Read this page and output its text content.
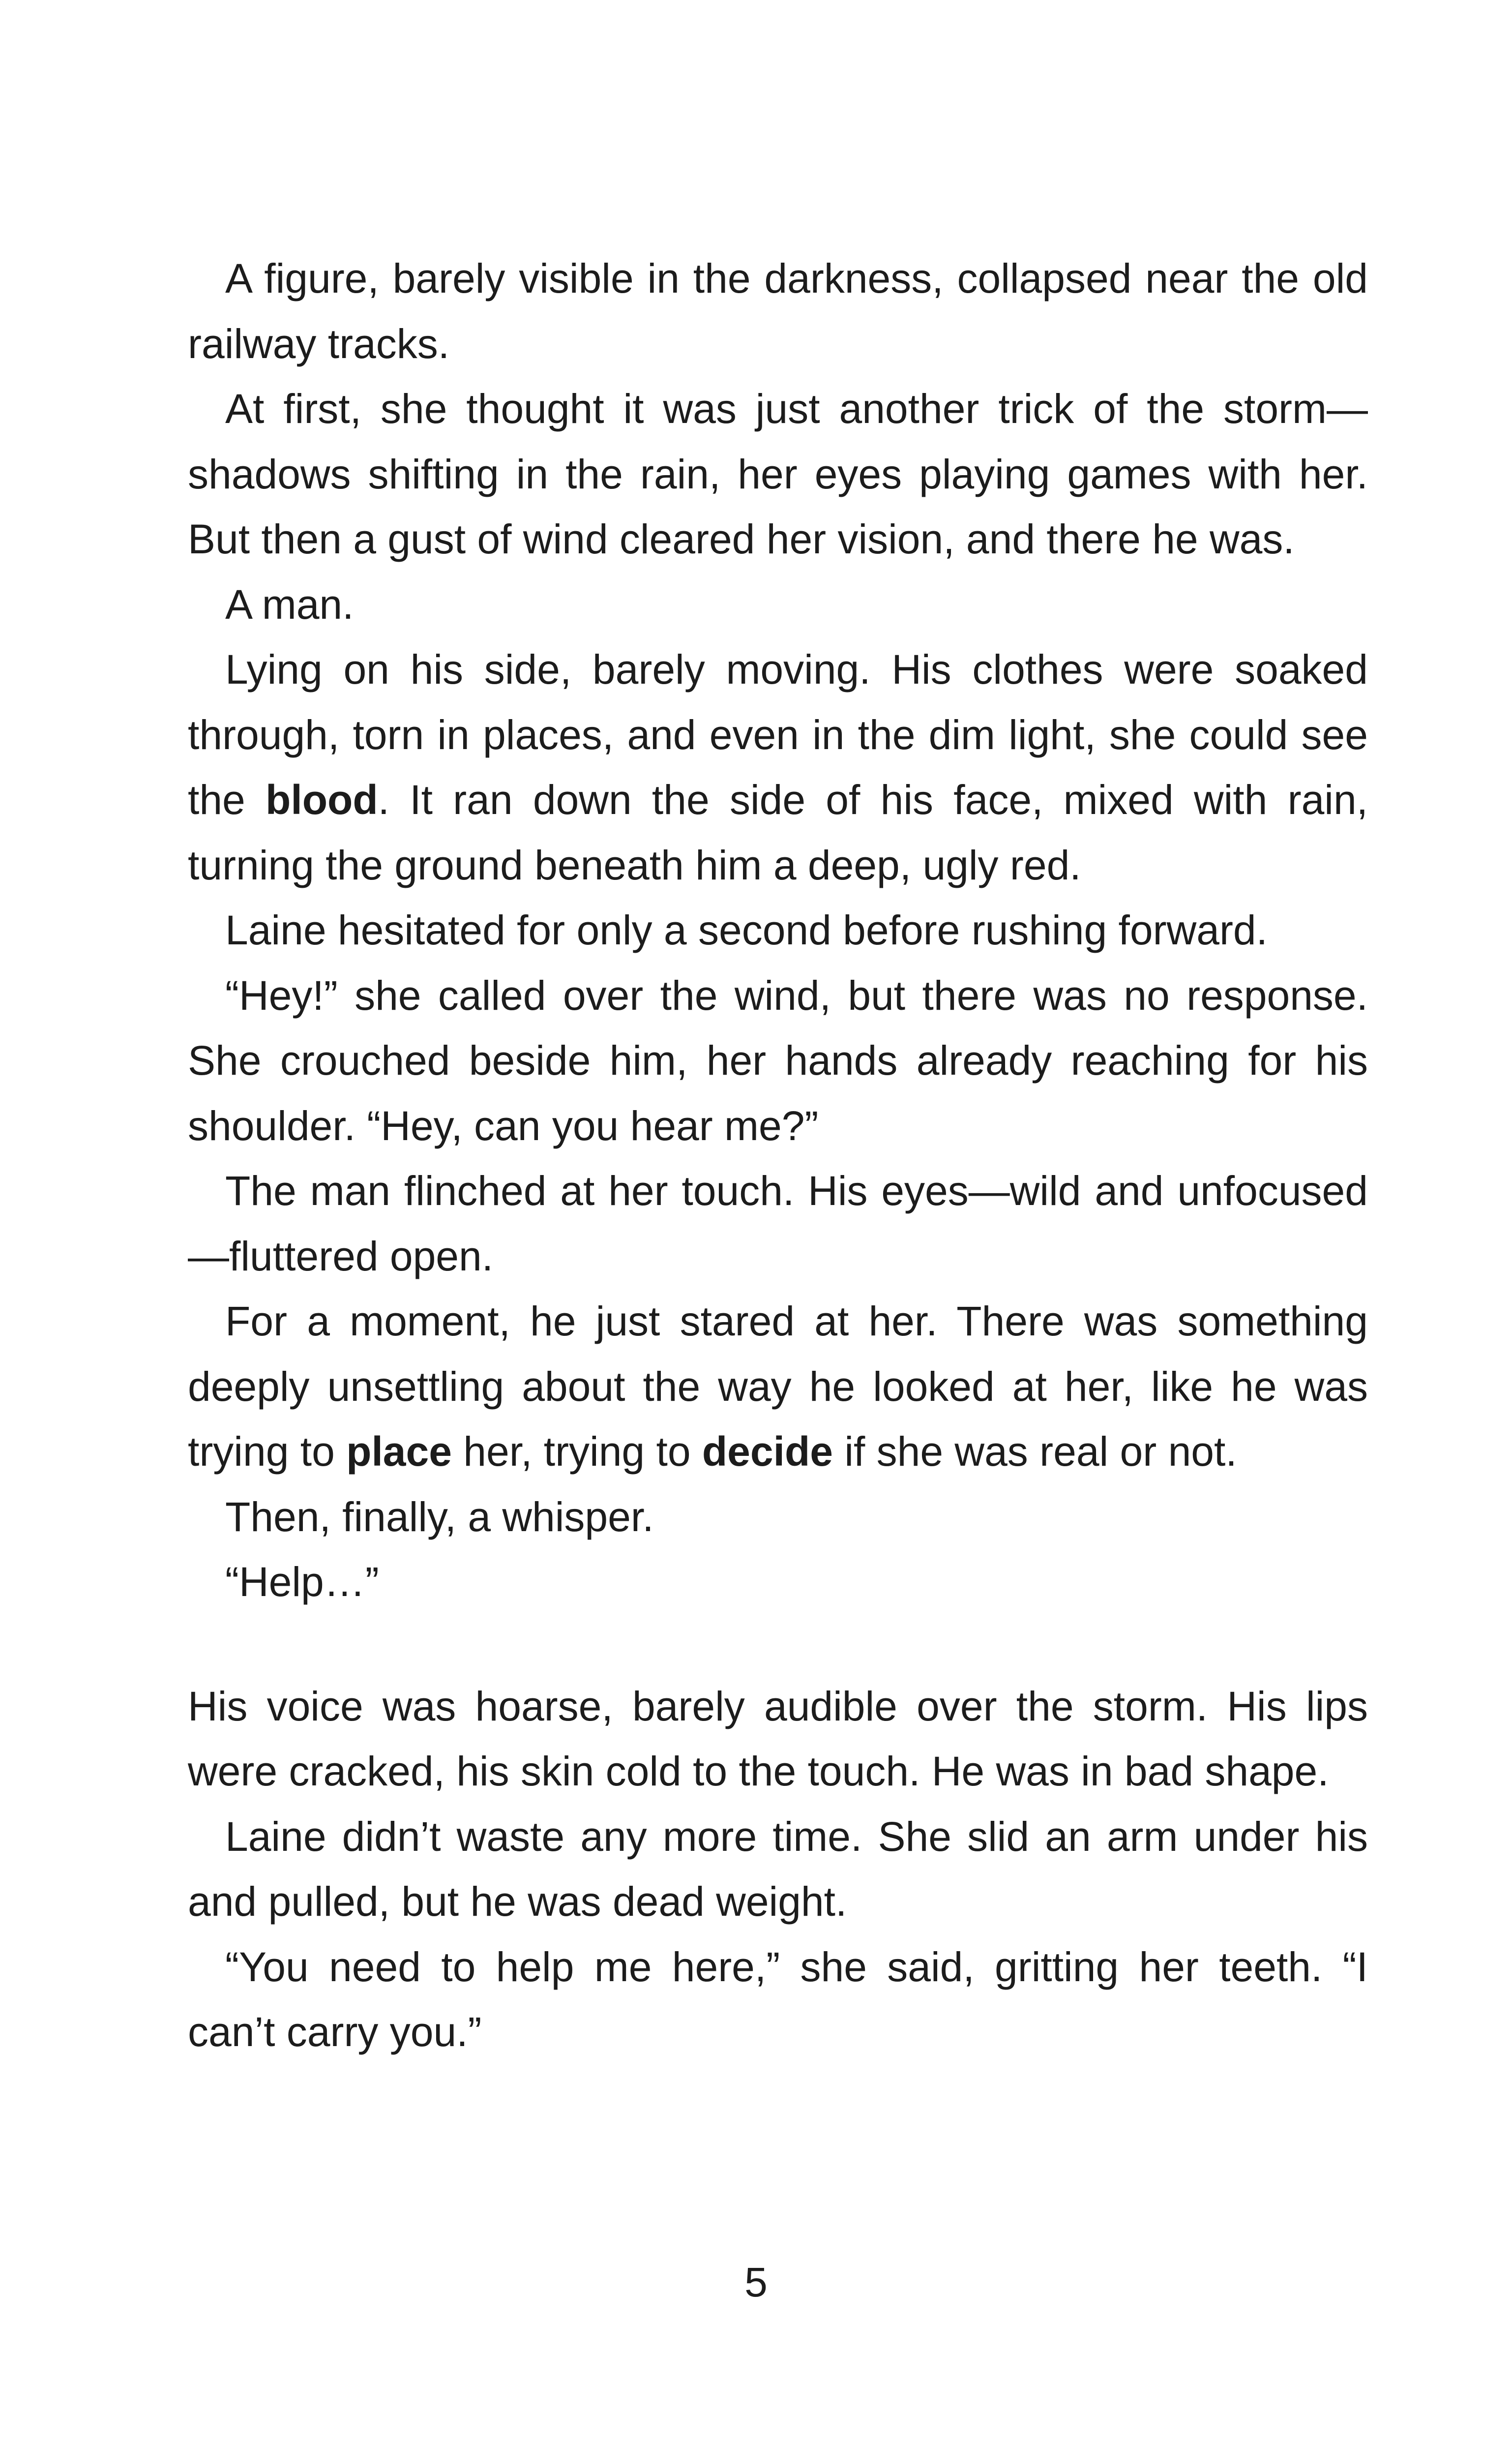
A figure, barely visible in the darkness, collapsed near the old railway tracks.

At first, she thought it was just another trick of the storm—shadows shifting in the rain, her eyes playing games with her. But then a gust of wind cleared her vision, and there he was.

A man.

Lying on his side, barely moving. His clothes were soaked through, torn in places, and even in the dim light, she could see the blood. It ran down the side of his face, mixed with rain, turning the ground beneath him a deep, ugly red.

Laine hesitated for only a second before rushing forward.

“Hey!” she called over the wind, but there was no response. She crouched beside him, her hands already reaching for his shoulder. “Hey, can you hear me?”

The man flinched at her touch. His eyes—wild and unfocused—fluttered open.

For a moment, he just stared at her. There was something deeply unsettling about the way he looked at her, like he was trying to place her, trying to decide if she was real or not.

Then, finally, a whisper.

“Help…”

His voice was hoarse, barely audible over the storm. His lips were cracked, his skin cold to the touch. He was in bad shape.

Laine didn’t waste any more time. She slid an arm under his and pulled, but he was dead weight.

“You need to help me here,” she said, gritting her teeth. “I can’t carry you.”

5
